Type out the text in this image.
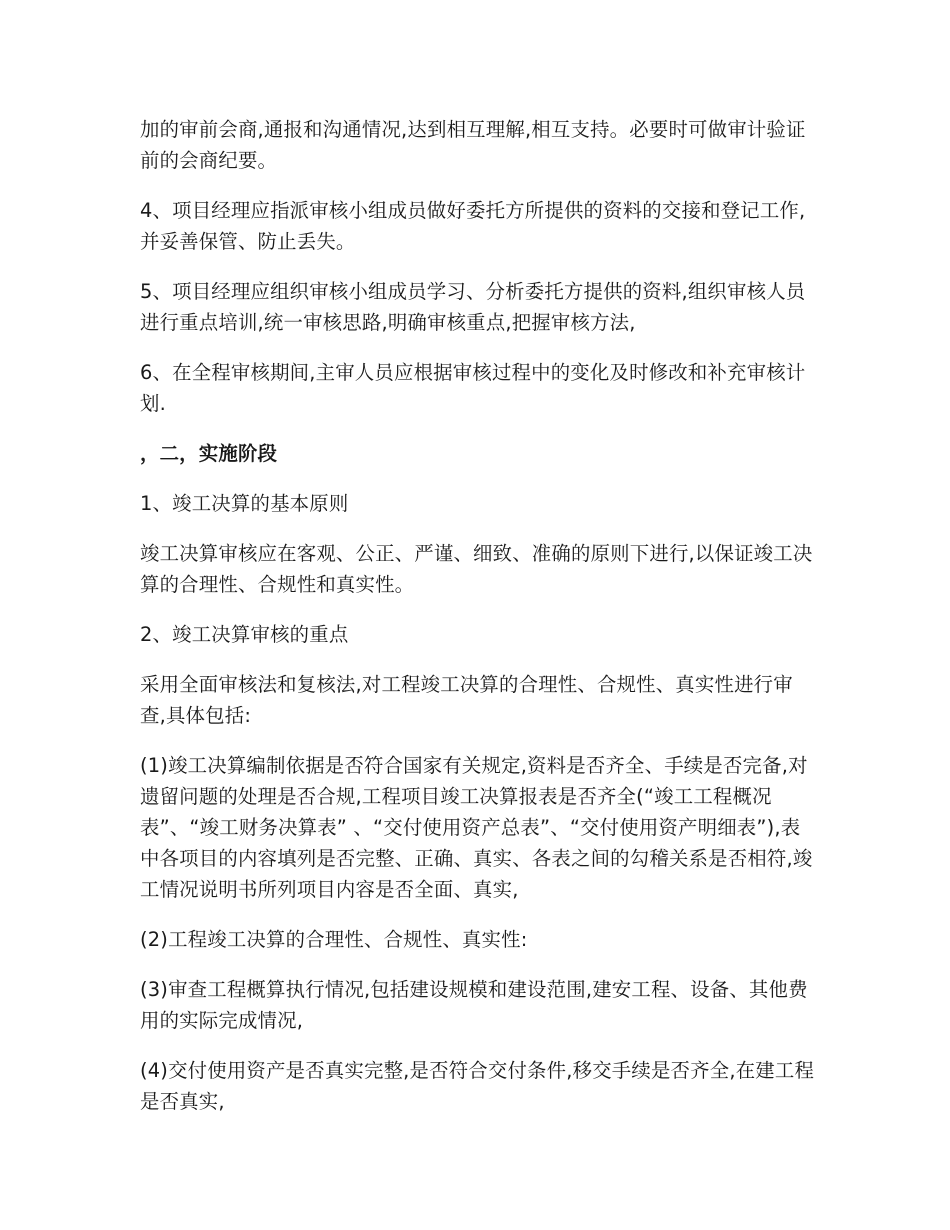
加的审前会商,通报和沟通情况,达到相互理解,相互支持。必要时可做审计验证前的会商纪要。

4、项目经理应指派审核小组成员做好委托方所提供的资料的交接和登记工作,并妥善保管、防止丢失。

5、项目经理应组织审核小组成员学习、分析委托方提供的资料,组织审核人员进行重点培训,统一审核思路,明确审核重点,把握审核方法,

6、在全程审核期间,主审人员应根据审核过程中的变化及时修改和补充审核计划.

，二，实施阶段

1、竣工决算的基本原则

竣工决算审核应在客观、公正、严谨、细致、准确的原则下进行,以保证竣工决算的合理性、合规性和真实性。

2、竣工决算审核的重点

采用全面审核法和复核法,对工程竣工决算的合理性、合规性、真实性进行审查,具体包括:

(1)竣工决算编制依据是否符合国家有关规定,资料是否齐全、手续是否完备,对遗留问题的处理是否合规,工程项目竣工决算报表是否齐全(“竣工工程概况表”、“竣工财务决算表” 、“交付使用资产总表”、“交付使用资产明细表”),表中各项目的内容填列是否完整、正确、真实、各表之间的勾稽关系是否相符,竣工情况说明书所列项目内容是否全面、真实,

(2)工程竣工决算的合理性、合规性、真实性:

(3)审查工程概算执行情况,包括建设规模和建设范围,建安工程、设备、其他费用的实际完成情况,

(4)交付使用资产是否真实完整,是否符合交付条件,移交手续是否齐全,在建工程是否真实,
